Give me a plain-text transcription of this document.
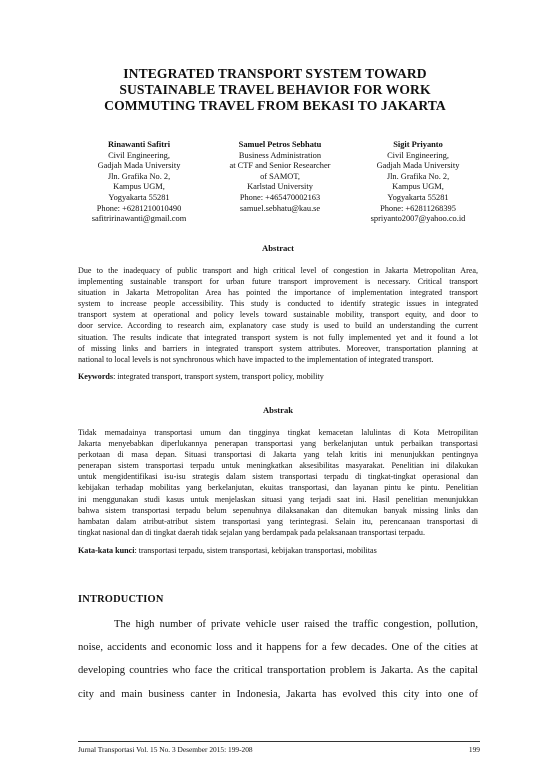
INTEGRATED TRANSPORT SYSTEM TOWARD
SUSTAINABLE TRAVEL BEHAVIOR FOR WORK
COMMUTING TRAVEL FROM BEKASI TO JAKARTA
Rinawanti Safitri
Civil Engineering,
Gadjah Mada University
Jln. Grafika No. 2,
Kampus UGM,
Yogyakarta 55281
Phone: +6281210010490
safitririnawanti@gmail.com
Samuel Petros Sebhatu
Business Administration
at CTF and Senior Researcher
of SAMOT,
Karlstad University
Phone: +465470002163
samuel.sebhatu@kau.se
Sigit Priyanto
Civil Engineering,
Gadjah Mada University
Jln. Grafika No. 2,
Kampus UGM,
Yogyakarta 55281
Phone: +62811268395
spriyanto2007@yahoo.co.id
Abstract
Due to the inadequacy of public transport and high critical level of congestion in Jakarta Metropolitan Area,
implementing sustainable transport for urban future transport improvement is necessary. Critical transport
situation in Jakarta Metropolitan Area has pointed the importance of implementation integrated transport
system to increase people accessibility. This study is conducted to identify strategic issues in integrated
transport system at operational and policy levels toward sustainable mobility, transport equity, and door to
door service. According to research aim, explanatory case study is used to build an understanding the current
situation. The results indicate that integrated transport system is not fully implemented yet and it found a lot
of missing links and barriers in integrated transport system attributes. Moreover, transportation planning at
national to local levels is not synchronous which have impacted to the implementation of integrated transport.
Keywords: integrated transport, transport system, transport policy, mobility
Abstrak
Tidak memadainya transportasi umum dan tingginya tingkat kemacetan lalulintas di Kota Metropilitan
Jakarta menyebabkan diperlukannya penerapan transportasi yang berkelanjutan untuk perbaikan transportasi
perkotaan di masa depan. Situasi transportasi di Jakarta yang telah kritis ini menunjukkan pentingnya
penerapan sistem transportasi terpadu untuk meningkatkan aksesibilitas masyarakat. Penelitian ini dilakukan
untuk mengidentifikasi isu-isu strategis dalam sistem transportasi terpadu di tingkat-tingkat operasional dan
kebijakan terhadap mobilitas yang berkelanjutan, ekuitas transportasi, dan layanan pintu ke pintu. Penelitian
ini menggunakan studi kasus untuk menjelaskan situasi yang terjadi saat ini. Hasil penelitian menunjukkan
bahwa sistem transportasi terpadu belum sepenuhnya dilaksanakan dan ditemukan banyak missing links dan
hambatan dalam atribut-atribut sistem transportasi yang terintegrasi. Selain itu, perencanaan transportasi di
tingkat nasional dan di tingkat daerah tidak sejalan yang berdampak pada pelaksanaan transportasi terpadu.
Kata-kata kunci: transportasi terpadu, sistem transportasi, kebijakan transportasi, mobilitas
INTRODUCTION
The high number of private vehicle user raised the traffic congestion, pollution,
noise, accidents and economic loss and it happens for a few decades. One of the cities at
developing countries who face the critical transportation problem is Jakarta. As the capital
city and main business canter in Indonesia, Jakarta has evolved this city into one of
Jurnal Transportasi Vol. 15 No. 3 Desember 2015: 199-208	199
